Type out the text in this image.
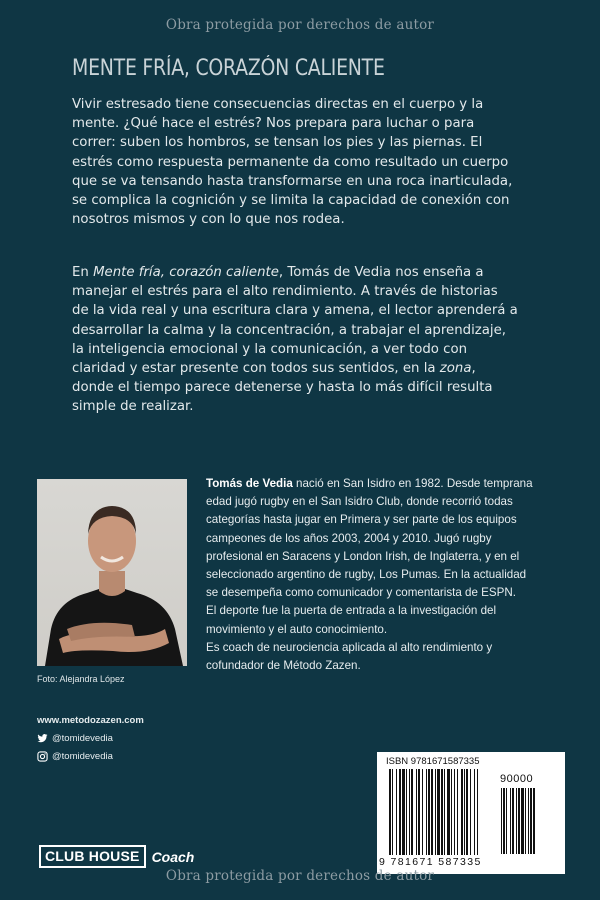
Obra protegida por derechos de autor
MENTE FRÍA, CORAZÓN CALIENTE
Vivir estresado tiene consecuencias directas en el cuerpo y la
mente. ¿Qué hace el estrés? Nos prepara para luchar o para
correr: suben los hombros, se tensan los pies y las piernas. El
estrés como respuesta permanente da como resultado un cuerpo
que se va tensando hasta transformarse en una roca inarticulada,
se complica la cognición y se limita la capacidad de conexión con
nosotros mismos y con lo que nos rodea.
En Mente fría, corazón caliente, Tomás de Vedia nos enseña a
manejar el estrés para el alto rendimiento. A través de historias
de la vida real y una escritura clara y amena, el lector aprenderá a
desarrollar la calma y la concentración, a trabajar el aprendizaje,
la inteligencia emocional y la comunicación, a ver todo con
claridad y estar presente con todos sus sentidos, en la zona,
donde el tiempo parece detenerse y hasta lo más difícil resulta
simple de realizar.
Foto: Alejandra López
Tomás de Vedia nació en San Isidro en 1982. Desde temprana
edad jugó rugby en el San Isidro Club, donde recorrió todas
categorías hasta jugar en Primera y ser parte de los equipos
campeones de los años 2003, 2004 y 2010. Jugó rugby
profesional en Saracens y London Irish, de Inglaterra, y en el
seleccionado argentino de rugby, Los Pumas. En la actualidad
se desempeña como comunicador y comentarista de ESPN.
El deporte fue la puerta de entrada a la investigación del
movimiento y el auto conocimiento.
Es coach de neurociencia aplicada al alto rendimiento y
cofundador de Método Zazen.
www.metodozazen.com
@tomidevedia
@tomidevedia	ISBN 9781671587335
90000
9 781671 587335
Obra protegida por derechos de autor
CLUB HOUSE Coach
